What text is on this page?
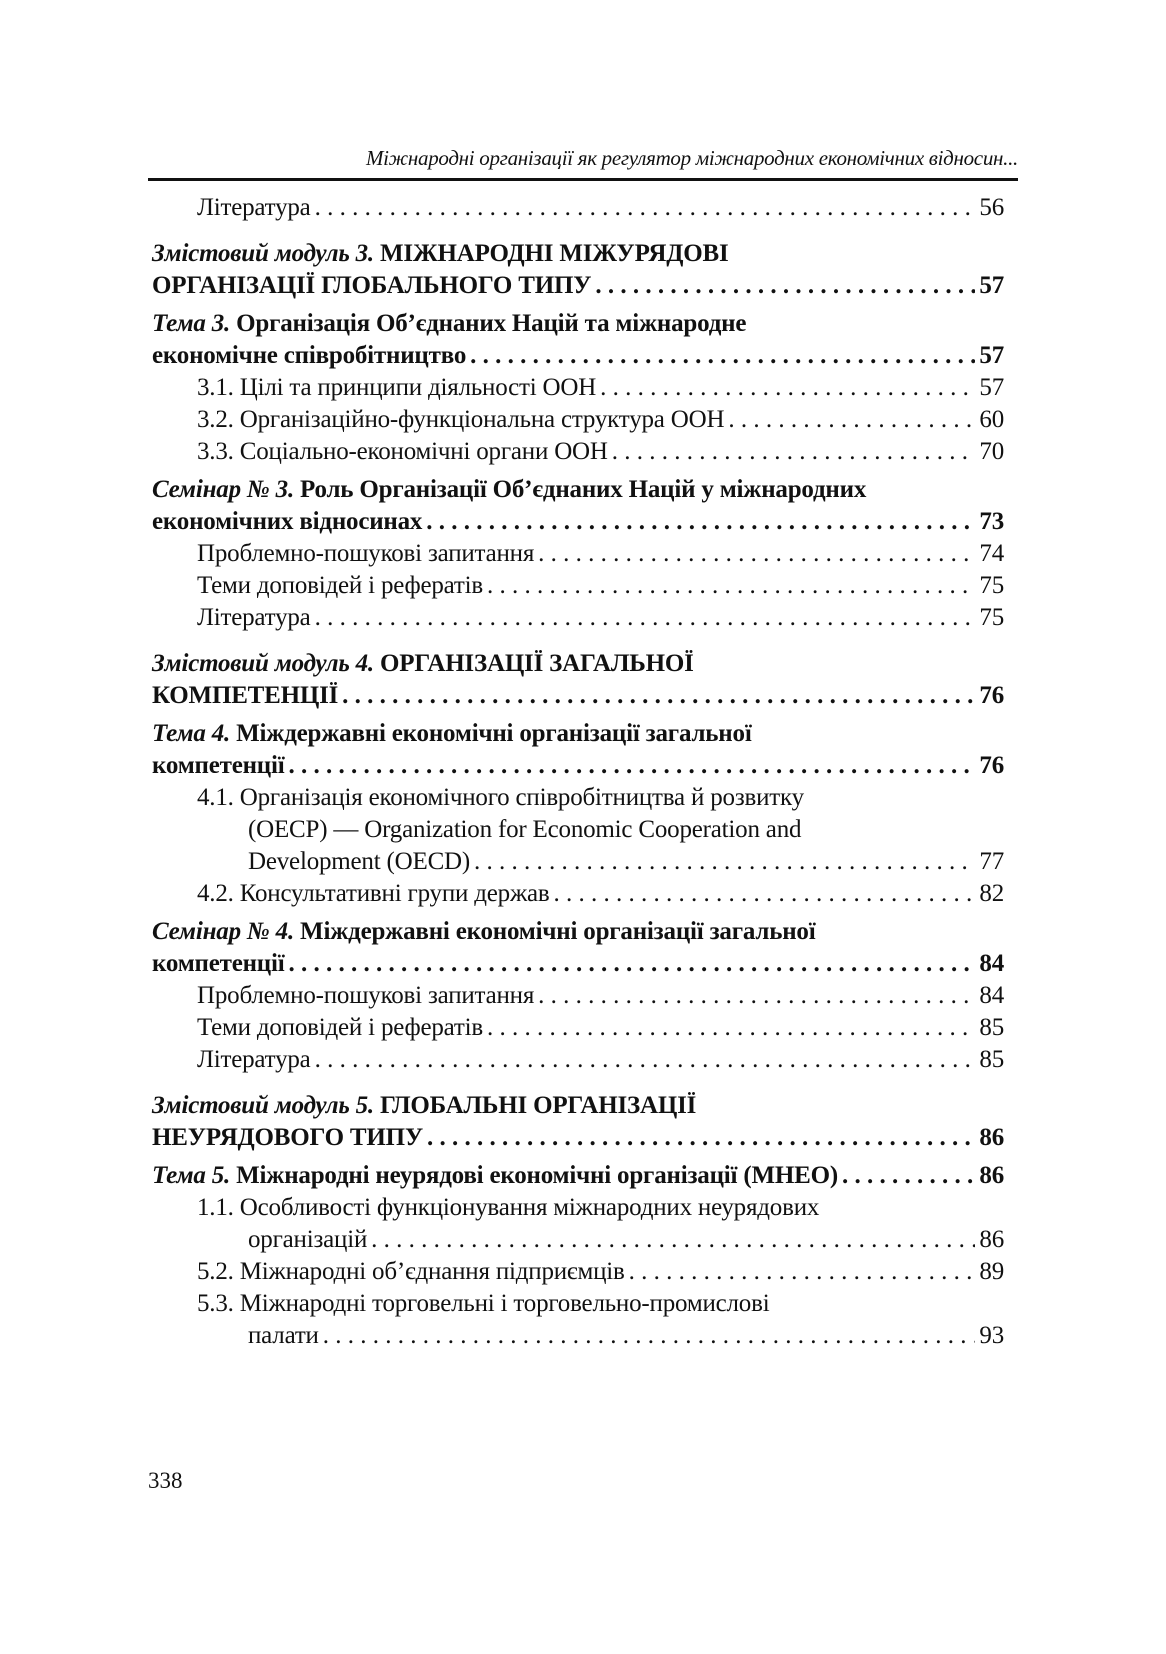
Міжнародні організації як регулятор міжнародних економічних відносин...
Література . . .	56
Змістовий модуль 3. МІЖНАРОДНІ МІЖУРЯДОВІ
ОРГАНІЗАЦІЇ ГЛОБАЛЬНОГО ТИПУ . . .	57
Тема 3. Організація Об’єднаних Націй та міжнародне
економічне співробітництво . . .	57
3.1. Цілі та принципи діяльності ООН . . .	57
3.2. Організаційно-функціональна структура ООН . . .	60
3.3. Соціально-економічні органи ООН . . .	70
Семінар № 3. Роль Організації Об’єднаних Націй у міжнародних
економічних відносинах . . .	73
Проблемно-пошукові запитання . . .	74
Теми доповідей і рефератів . . .	75
Література . . .	75
Змістовий модуль 4. ОРГАНІЗАЦІЇ ЗАГАЛЬНОЇ
КОМПЕТЕНЦІЇ . . .	76
Тема 4. Міждержавні економічні організації загальної
компетенції . . .	76
4.1. Організація економічного співробітництва й розвитку
(ОЕСР) — Organization for Economic Cooperation and
Development (OECD) . . .	77
4.2. Консультативні групи держав . . .	82
Семінар № 4. Міждержавні економічні організації загальної
компетенції . . .	84
Проблемно-пошукові запитання . . .	84
Теми доповідей і рефератів . . .	85
Література . . .	85
Змістовий модуль 5. ГЛОБАЛЬНІ ОРГАНІЗАЦІЇ
НЕУРЯДОВОГО ТИПУ . . .	86
Тема 5. Міжнародні неурядові економічні організації (МНЕО) . . .	86
1.1. Особливості функціонування міжнародних неурядових
організацій . . .	86
5.2. Міжнародні об’єднання підприємців . . .	89
5.3. Міжнародні торговельні і торговельно-промислові
палати . . .	93
338
